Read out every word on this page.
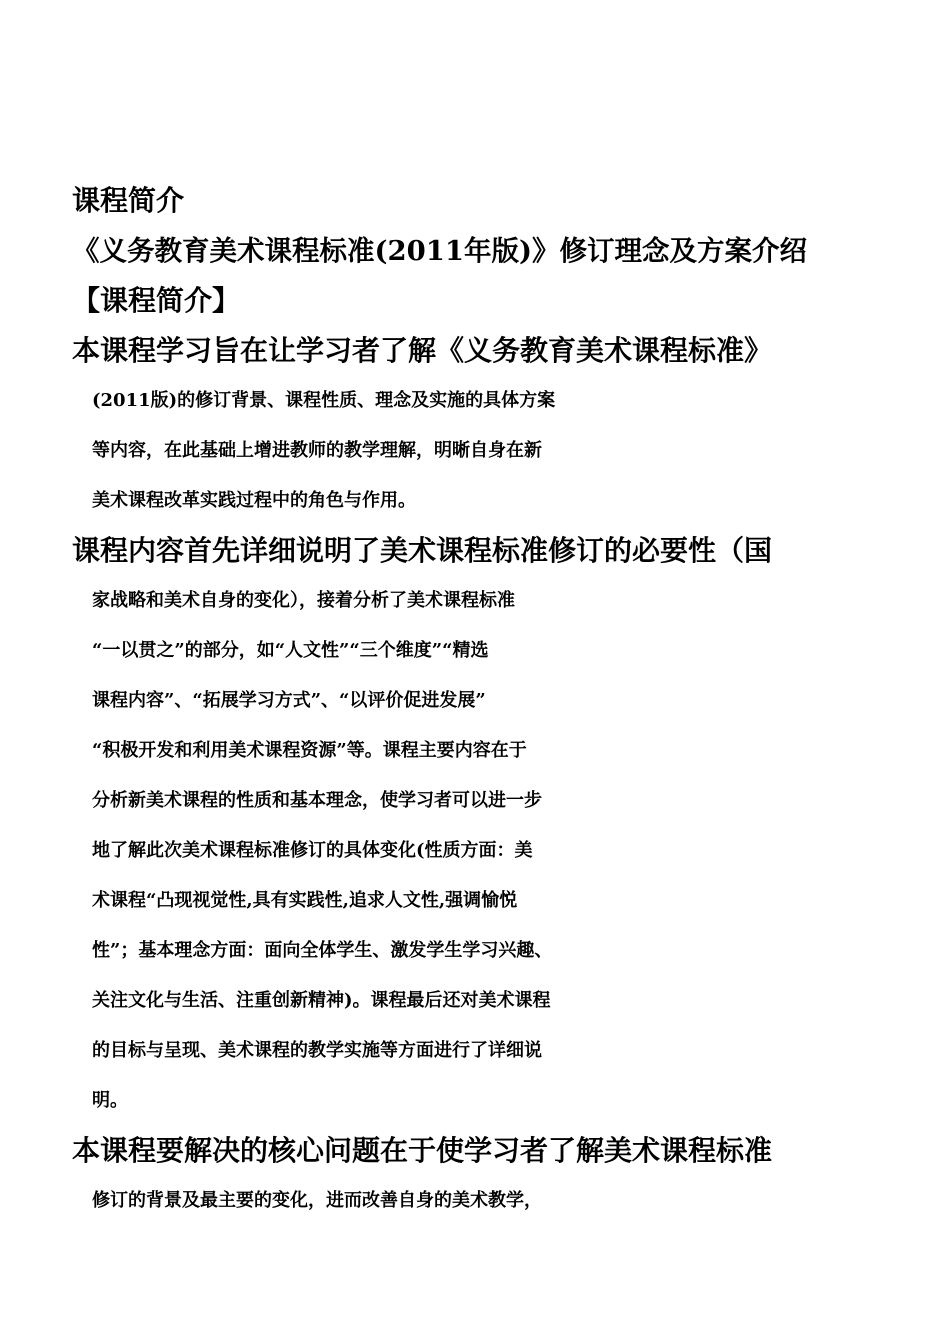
课程简介

《义务教育美术课程标准(2011年版)》修订理念及方案介绍

【课程简介】

本课程学习旨在让学习者了解《义务教育美术课程标准》

(2011版)的修订背景、课程性质、理念及实施的具体方案

等内容，在此基础上增进教师的教学理解，明晰自身在新

美术课程改革实践过程中的角色与作用。

课程内容首先详细说明了美术课程标准修订的必要性（国

家战略和美术自身的变化），接着分析了美术课程标准

“一以贯之”的部分，如“人文性”“三个维度”“精选

课程内容”、“拓展学习方式”、“以评价促进发展”

“积极开发和利用美术课程资源”等。课程主要内容在于

分析新美术课程的性质和基本理念，使学习者可以进一步

地了解此次美术课程标准修订的具体变化(性质方面：美

术课程“凸现视觉性,具有实践性,追求人文性,强调愉悦

性”；基本理念方面：面向全体学生、激发学生学习兴趣、

关注文化与生活、注重创新精神)。课程最后还对美术课程

的目标与呈现、美术课程的教学实施等方面进行了详细说

明。

本课程要解决的核心问题在于使学习者了解美术课程标准

修订的背景及最主要的变化，进而改善自身的美术教学，
